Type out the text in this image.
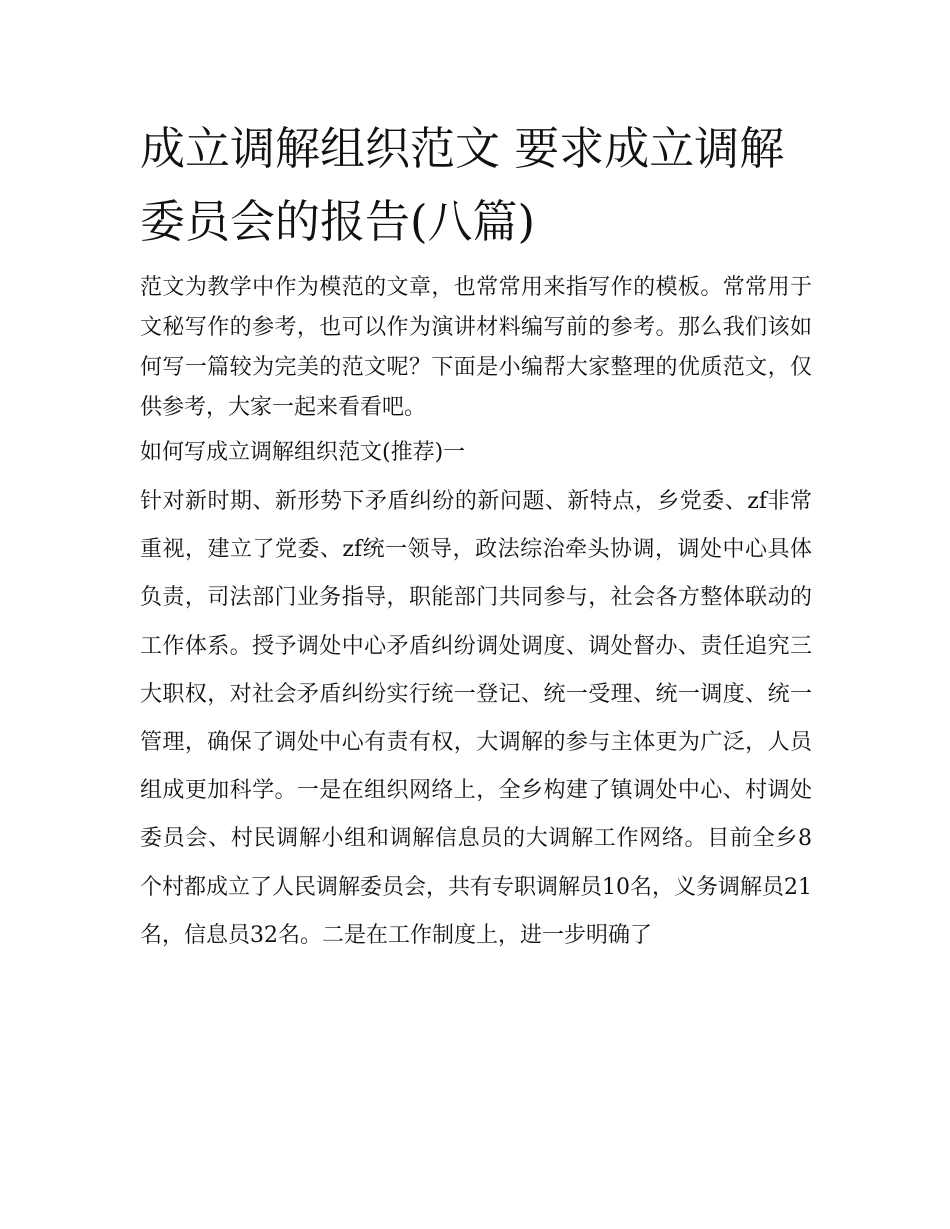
成立调解组织范文 要求成立调解委员会的报告(八篇)

范文为教学中作为模范的文章，也常常用来指写作的模板。常常用于文秘写作的参考，也可以作为演讲材料编写前的参考。那么我们该如何写一篇较为完美的范文呢？下面是小编帮大家整理的优质范文，仅供参考，大家一起来看看吧。

如何写成立调解组织范文(推荐)一

针对新时期、新形势下矛盾纠纷的新问题、新特点，乡党委、zf非常重视，建立了党委、zf统一领导，政法综治牵头协调，调处中心具体负责，司法部门业务指导，职能部门共同参与，社会各方整体联动的工作体系。授予调处中心矛盾纠纷调处调度、调处督办、责任追究三大职权，对社会矛盾纠纷实行统一登记、统一受理、统一调度、统一管理，确保了调处中心有责有权，大调解的参与主体更为广泛，人员组成更加科学。一是在组织网络上，全乡构建了镇调处中心、村调处委员会、村民调解小组和调解信息员的大调解工作网络。目前全乡8个村都成立了人民调解委员会，共有专职调解员10名，义务调解员21名，信息员32名。二是在工作制度上，进一步明确了
